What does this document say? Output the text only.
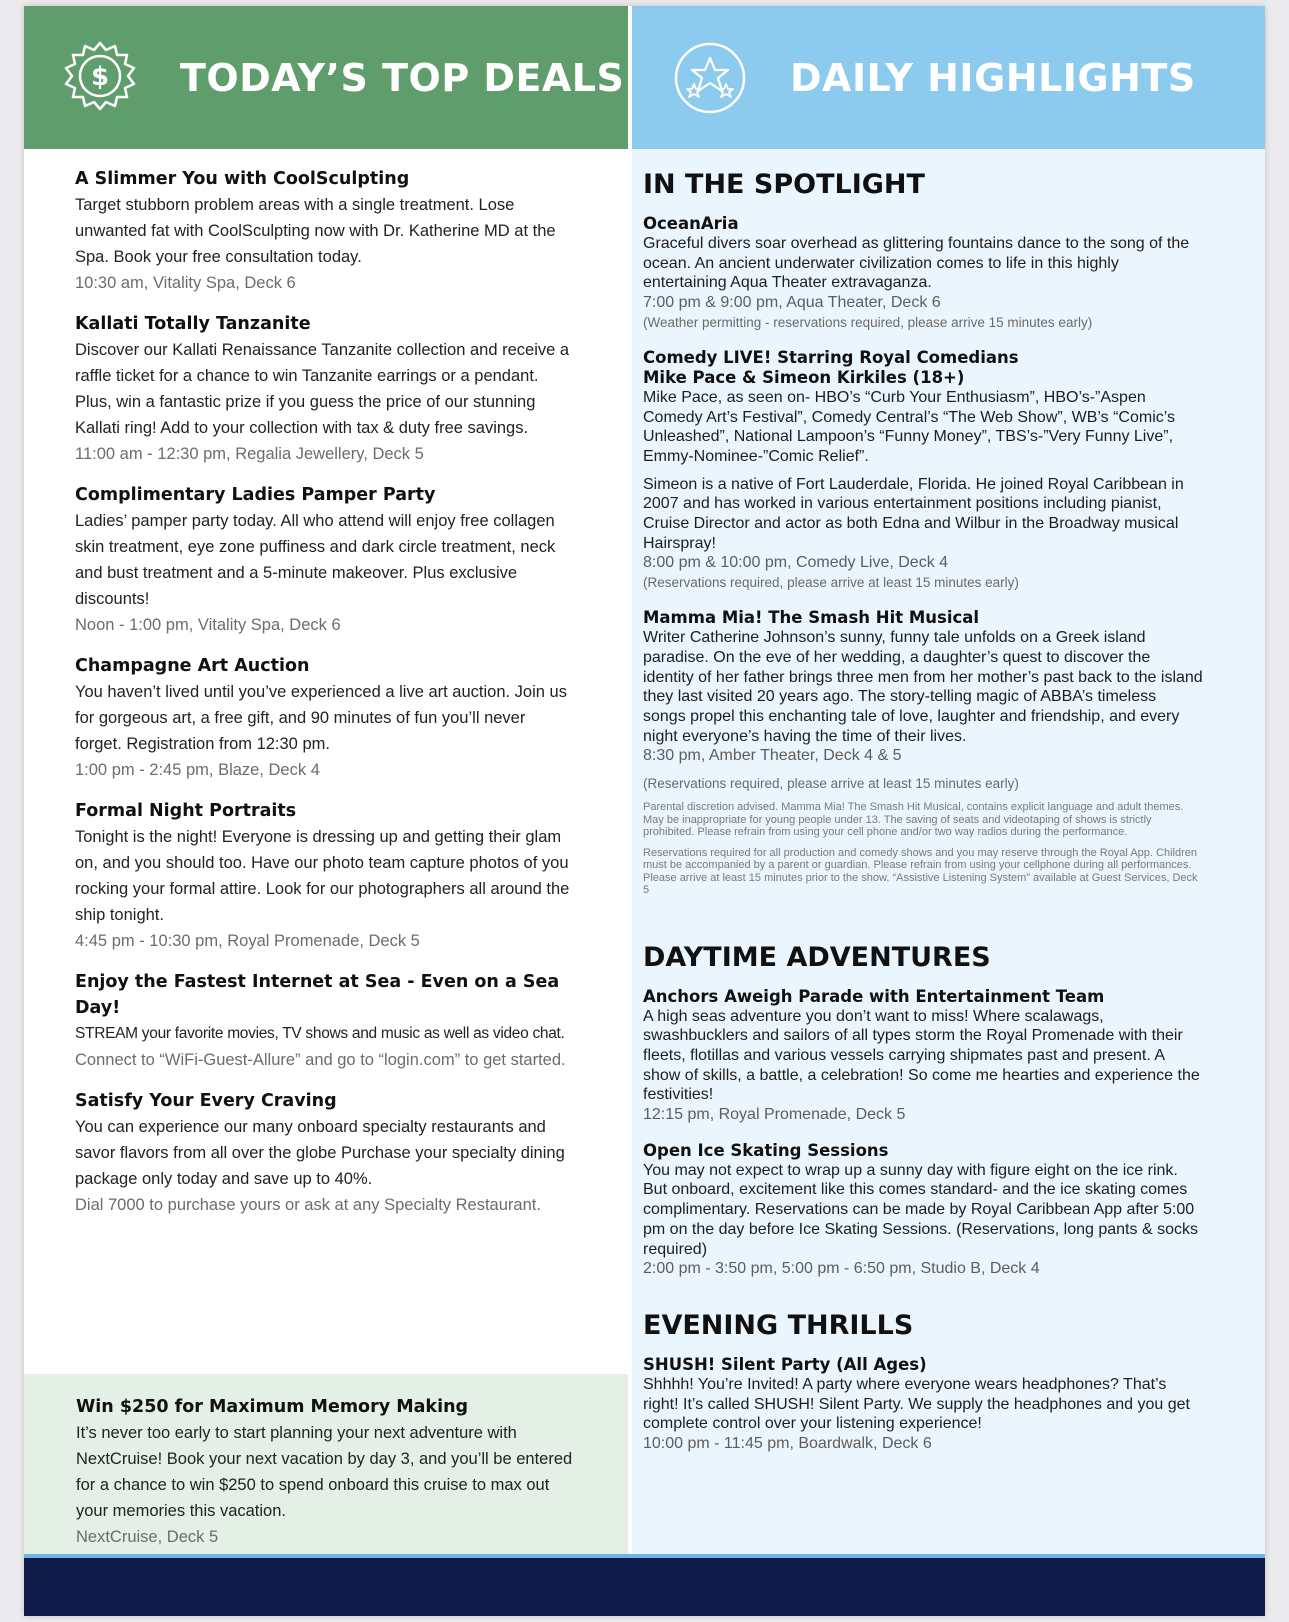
$ TODAY’S TOP DEALS	DAILY HIGHLIGHTS
A Slimmer You with CoolSculpting

Target stubborn problem areas with a single treatment. Lose unwanted fat with CoolSculpting now with Dr. Katherine MD at the Spa. Book your free consultation today.

10:30 am, Vitality Spa, Deck 6

Kallati Totally Tanzanite

Discover our Kallati Renaissance Tanzanite collection and receive a raffle ticket for a chance to win Tanzanite earrings or a pendant. Plus, win a fantastic prize if you guess the price of our stunning Kallati ring! Add to your collection with tax & duty free savings.

11:00 am - 12:30 pm, Regalia Jewellery, Deck 5

Complimentary Ladies Pamper Party

Ladies’ pamper party today. All who attend will enjoy free collagen skin treatment, eye zone puffiness and dark circle treatment, neck and bust treatment and a 5-minute makeover. Plus exclusive discounts!

Noon - 1:00 pm, Vitality Spa, Deck 6

Champagne Art Auction

You haven’t lived until you’ve experienced a live art auction. Join us for gorgeous art, a free gift, and 90 minutes of fun you’ll never forget. Registration from 12:30 pm.

1:00 pm - 2:45 pm, Blaze, Deck 4

Formal Night Portraits

Tonight is the night! Everyone is dressing up and getting their glam on, and you should too. Have our photo team capture photos of you rocking your formal attire. Look for our photographers all around the ship tonight.

4:45 pm - 10:30 pm, Royal Promenade, Deck 5

Enjoy the Fastest Internet at Sea - Even on a Sea Day!

STREAM your favorite movies, TV shows and music as well as video chat.

Connect to “WiFi-Guest-Allure” and go to “login.com” to get started.

Satisfy Your Every Craving

You can experience our many onboard specialty restaurants and savor flavors from all over the globe Purchase your specialty dining package only today and save up to 40%.

Dial 7000 to purchase yours or ask at any Specialty Restaurant.

Win $250 for Maximum Memory Making

It’s never too early to start planning your next adventure with NextCruise! Book your next vacation by day 3, and you’ll be entered for a chance to win $250 to spend onboard this cruise to max out your memories this vacation.

NextCruise, Deck 5

IN THE SPOTLIGHT
OceanAria

Graceful divers soar overhead as glittering fountains dance to the song of the ocean. An ancient underwater civilization comes to life in this highly entertaining Aqua Theater extravaganza.

7:00 pm & 9:00 pm, Aqua Theater, Deck 6

(Weather permitting - reservations required, please arrive 15 minutes early)

Comedy LIVE! Starring Royal Comedians
Mike Pace & Simeon Kirkiles (18+)

Mike Pace, as seen on- HBO’s “Curb Your Enthusiasm”, HBO’s-”Aspen Comedy Art’s Festival”, Comedy Central’s “The Web Show”, WB’s “Comic’s Unleashed”, National Lampoon’s “Funny Money”, TBS’s-”Very Funny Live”, Emmy-Nominee-”Comic Relief”.

Simeon is a native of Fort Lauderdale, Florida. He joined Royal Caribbean in 2007 and has worked in various entertainment positions including pianist, Cruise Director and actor as both Edna and Wilbur in the Broadway musical Hairspray!

8:00 pm & 10:00 pm, Comedy Live, Deck 4

(Reservations required, please arrive at least 15 minutes early)

Mamma Mia! The Smash Hit Musical

Writer Catherine Johnson’s sunny, funny tale unfolds on a Greek island paradise. On the eve of her wedding, a daughter’s quest to discover the identity of her father brings three men from her mother’s past back to the island they last visited 20 years ago. The story-telling magic of ABBA’s timeless songs propel this enchanting tale of love, laughter and friendship, and every night everyone’s having the time of their lives.

8:30 pm, Amber Theater, Deck 4 & 5

(Reservations required, please arrive at least 15 minutes early)

Parental discretion advised. Mamma Mia! The Smash Hit Musical, contains explicit language and adult themes. May be inappropriate for young people under 13. The saving of seats and videotaping of shows is strictly prohibited. Please refrain from using your cell phone and/or two way radios during the performance.

Reservations required for all production and comedy shows and you may reserve through the Royal App. Children must be accompanied by a parent or guardian. Please refrain from using your cellphone during all performances. Please arrive at least 15 minutes prior to the show. “Assistive Listening System” available at Guest Services, Deck 5

DAYTIME ADVENTURES
Anchors Aweigh Parade with Entertainment Team

A high seas adventure you don’t want to miss! Where scalawags, swashbucklers and sailors of all types storm the Royal Promenade with their fleets, flotillas and various vessels carrying shipmates past and present. A show of skills, a battle, a celebration! So come me hearties and experience the festivities!

12:15 pm, Royal Promenade, Deck 5

Open Ice Skating Sessions

You may not expect to wrap up a sunny day with figure eight on the ice rink. But onboard, excitement like this comes standard- and the ice skating comes complimentary. Reservations can be made by Royal Caribbean App after 5:00 pm on the day before Ice Skating Sessions. (Reservations, long pants & socks required)

2:00 pm - 3:50 pm, 5:00 pm - 6:50 pm, Studio B, Deck 4

EVENING THRILLS
SHUSH! Silent Party (All Ages)

Shhhh! You’re Invited! A party where everyone wears headphones? That’s right! It’s called SHUSH! Silent Party. We supply the headphones and you get complete control over your listening experience!

10:00 pm - 11:45 pm, Boardwalk, Deck 6
